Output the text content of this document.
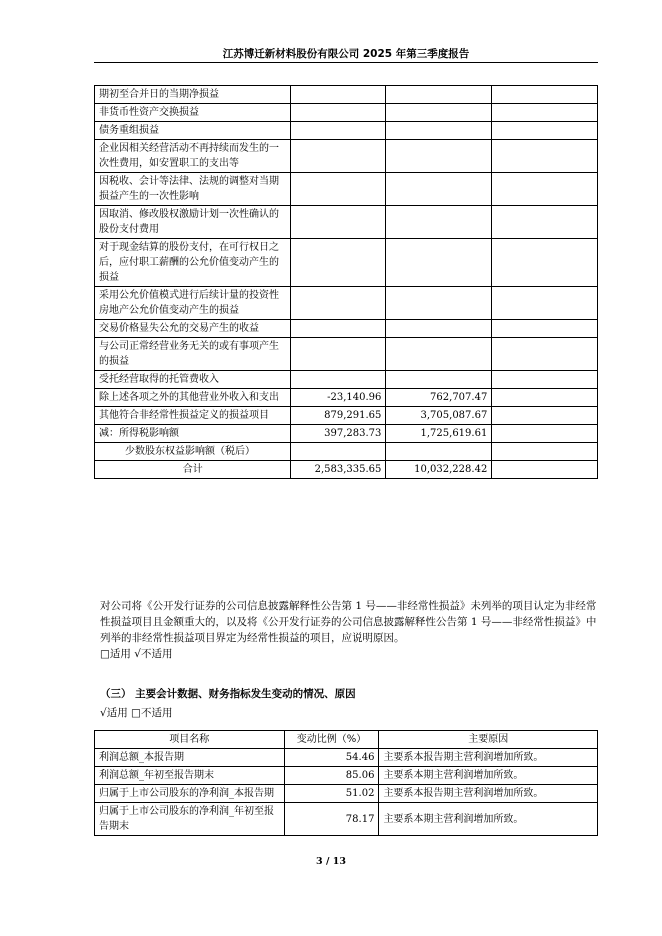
江苏博迁新材料股份有限公司 2025 年第三季度报告
期初至合并日的当期净损益			
非货币性资产交换损益			
债务重组损益			
企业因相关经营活动不再持续而发生的一次性费用，如安置职工的支出等			
因税收、会计等法律、法规的调整对当期损益产生的一次性影响			
因取消、修改股权激励计划一次性确认的股份支付费用			
对于现金结算的股份支付，在可行权日之后，应付职工薪酬的公允价值变动产生的损益			
采用公允价值模式进行后续计量的投资性房地产公允价值变动产生的损益			
交易价格显失公允的交易产生的收益			
与公司正常经营业务无关的或有事项产生的损益			
受托经营取得的托管费收入			
除上述各项之外的其他营业外收入和支出	-23,140.96	762,707.47	
其他符合非经常性损益定义的损益项目	879,291.65	3,705,087.67	
减：所得税影响额	397,283.73	1,725,619.61	
少数股东权益影响额（税后）			
合计	2,583,335.65	10,032,228.42	
对公司将《公开发行证券的公司信息披露解释性公告第 1 号——非经常性损益》未列举的项目认定为非经常性损益项目且金额重大的，以及将《公开发行证券的公司信息披露解释性公告第 1 号——非经常性损益》中列举的非经常性损益项目界定为经常性损益的项目，应说明原因。
□适用 √不适用
（三） 主要会计数据、财务指标发生变动的情况、原因
√适用 □不适用
项目名称	变动比例（%）	主要原因
利润总额_本报告期	54.46	主要系本报告期主营利润增加所致。
利润总额_年初至报告期末	85.06	主要系本期主营利润增加所致。
归属于上市公司股东的净利润_本报告期	51.02	主要系本报告期主营利润增加所致。
归属于上市公司股东的净利润_年初至报告期末	78.17	主要系本期主营利润增加所致。
3 / 13
